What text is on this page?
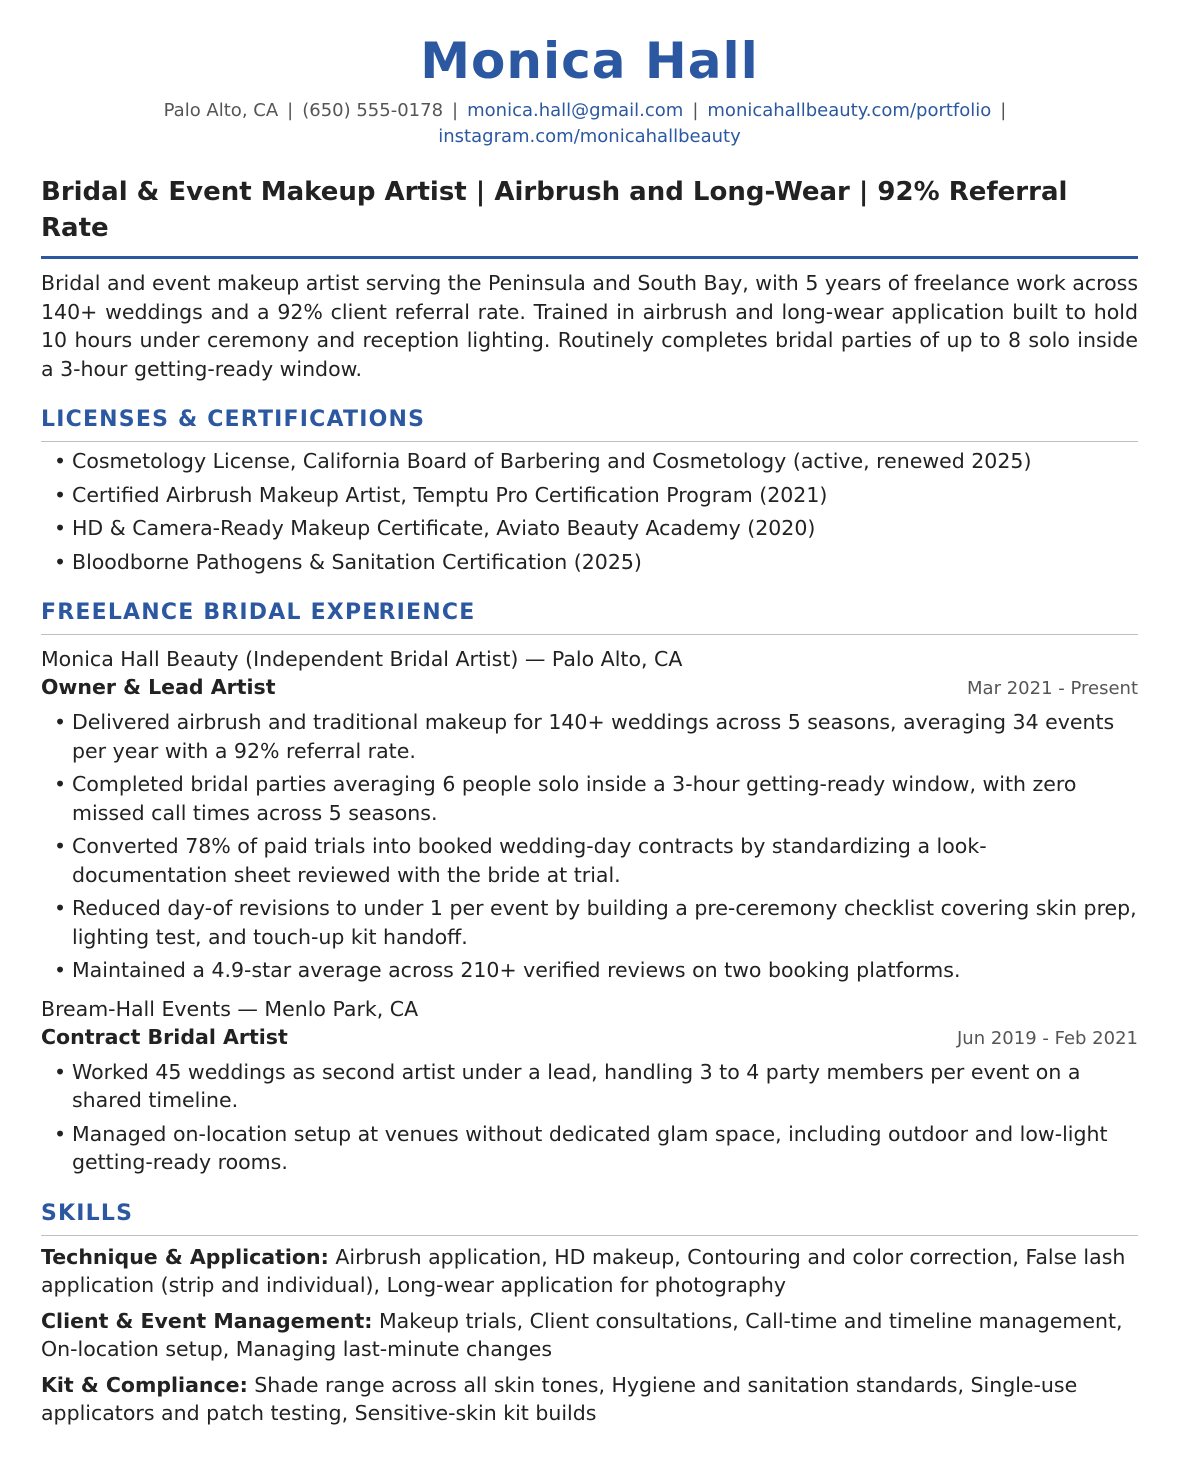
Monica Hall
Palo Alto, CA | (650) 555-0178 | monica.hall@gmail.com | monicahallbeauty.com/portfolio |
instagram.com/monicahallbeauty
Bridal & Event Makeup Artist | Airbrush and Long-Wear | 92% Referral Rate
Bridal and event makeup artist serving the Peninsula and South Bay, with 5 years of freelance work across 140+ weddings and a 92% client referral rate. Trained in airbrush and long-wear application built to hold 10 hours under ceremony and reception lighting. Routinely completes bridal parties of up to 8 solo inside a 3-hour getting-ready window.
LICENSES & CERTIFICATIONS
• Cosmetology License, California Board of Barbering and Cosmetology (active, renewed 2025)
• Certified Airbrush Makeup Artist, Temptu Pro Certification Program (2021)
• HD & Camera-Ready Makeup Certificate, Aviato Beauty Academy (2020)
• Bloodborne Pathogens & Sanitation Certification (2025)
FREELANCE BRIDAL EXPERIENCE
Monica Hall Beauty (Independent Bridal Artist) — Palo Alto, CA
Owner & Lead Artist	Mar 2021 - Present
• Delivered airbrush and traditional makeup for 140+ weddings across 5 seasons, averaging 34 events per year with a 92% referral rate.
• Completed bridal parties averaging 6 people solo inside a 3-hour getting-ready window, with zero missed call times across 5 seasons.
• Converted 78% of paid trials into booked wedding-day contracts by standardizing a look-documentation sheet reviewed with the bride at trial.
• Reduced day-of revisions to under 1 per event by building a pre-ceremony checklist covering skin prep, lighting test, and touch-up kit handoff.
• Maintained a 4.9-star average across 210+ verified reviews on two booking platforms.
Bream-Hall Events — Menlo Park, CA
Contract Bridal Artist	Jun 2019 - Feb 2021
• Worked 45 weddings as second artist under a lead, handling 3 to 4 party members per event on a shared timeline.
• Managed on-location setup at venues without dedicated glam space, including outdoor and low-light getting-ready rooms.
SKILLS
Technique & Application: Airbrush application, HD makeup, Contouring and color correction, False lash application (strip and individual), Long-wear application for photography
Client & Event Management: Makeup trials, Client consultations, Call-time and timeline management, On-location setup, Managing last-minute changes
Kit & Compliance: Shade range across all skin tones, Hygiene and sanitation standards, Single-use applicators and patch testing, Sensitive-skin kit builds
